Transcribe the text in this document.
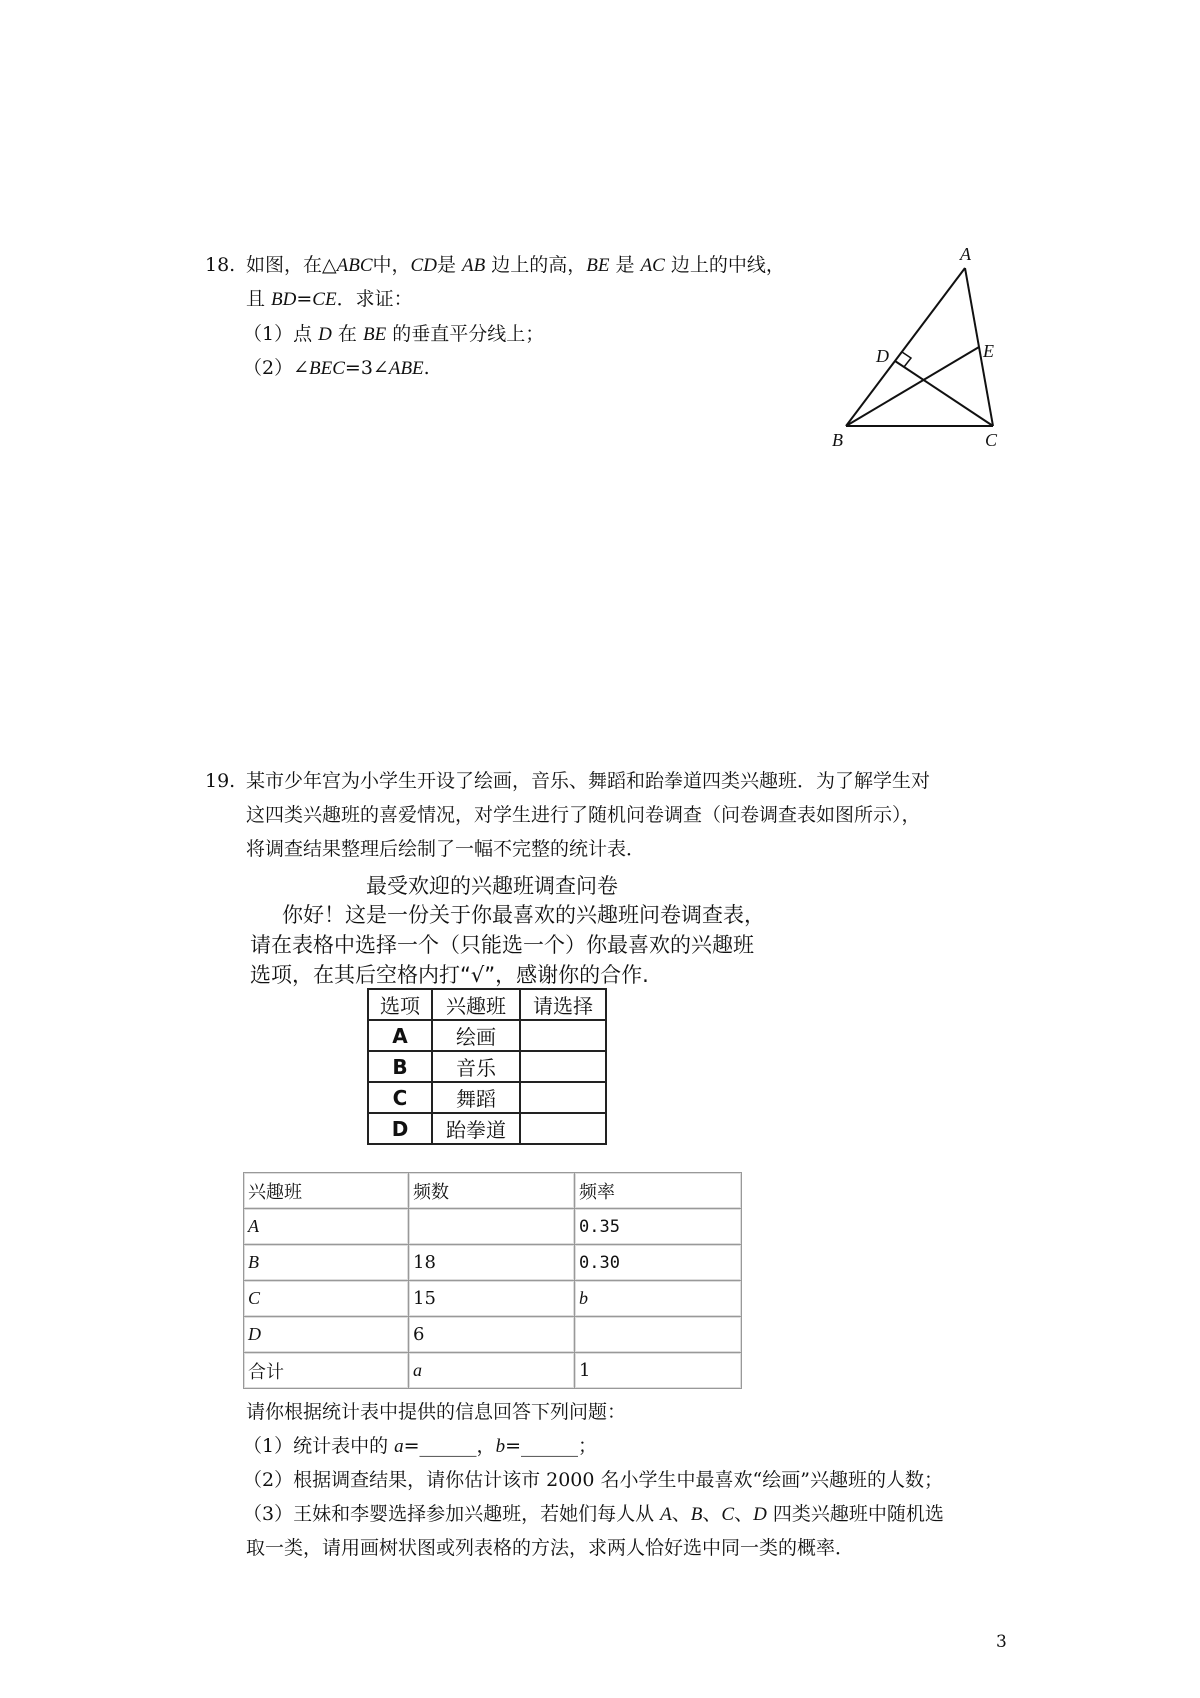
18. 如图，在△ABC中，CD是 AB 边上的高，BE 是 AC 边上的中线，
且 BD=CE．求证：
（1）点 D 在 BE 的垂直平分线上；
（2）∠BEC=3∠ABE.
A
D	E
B	C
19. 某市少年宫为小学生开设了绘画，音乐、舞蹈和跆拳道四类兴趣班．为了解学生对
这四类兴趣班的喜爱情况，对学生进行了随机问卷调查（问卷调查表如图所示），
将调查结果整理后绘制了一幅不完整的统计表．
最受欢迎的兴趣班调查问卷
你好！这是一份关于你最喜欢的兴趣班问卷调查表，
请在表格中选择一个（只能选一个）你最喜欢的兴趣班
选项，在其后空格内打“√”，感谢你的合作.
选项	兴趣班	请选择
A	绘画	
B	音乐	
C	舞蹈	
D	跆拳道	
兴趣班	频数	频率
A		0.35
B	18	0.30
C	15	b
D	6	
合计	a	1
请你根据统计表中提供的信息回答下列问题：
（1）统计表中的 a=______，b=______；
（2）根据调查结果，请你估计该市 2000 名小学生中最喜欢“绘画”兴趣班的人数；
（3）王妹和李婴选择参加兴趣班，若她们每人从 A、B、C、D 四类兴趣班中随机选
取一类，请用画树状图或列表格的方法，求两人恰好选中同一类的概率．
3
